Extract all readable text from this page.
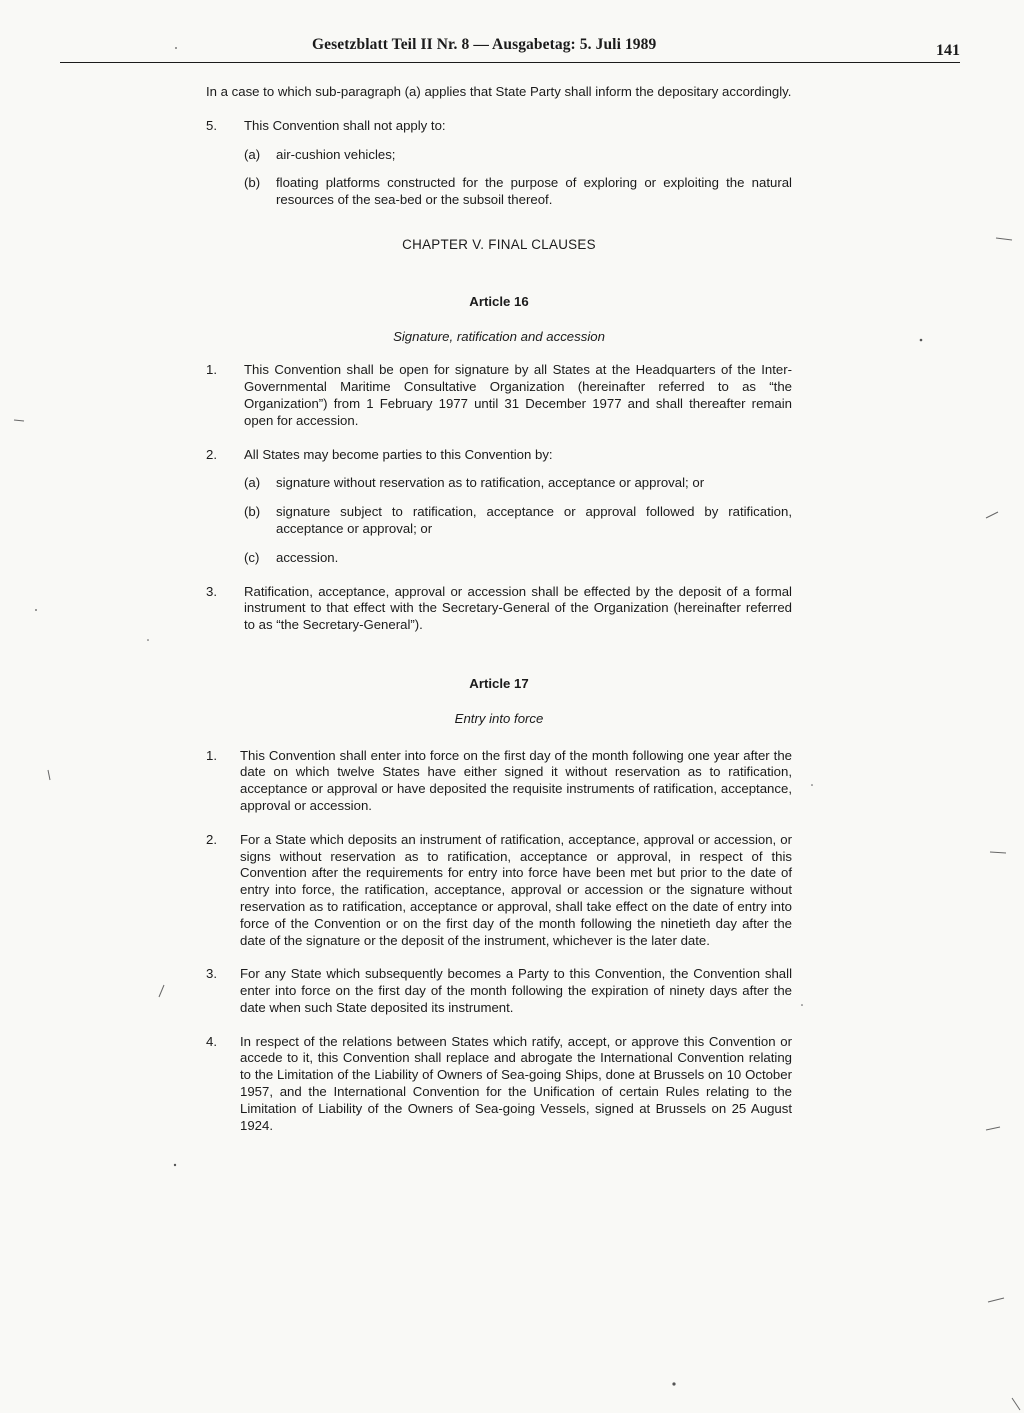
Gesetzblatt Teil II Nr. 8 — Ausgabetag: 5. Juli 1989	141

In a case to which sub-paragraph (a) applies that State Party shall inform the depositary accordingly.

5.	This Convention shall not apply to:
(a)	air-cushion vehicles;
(b)	floating platforms constructed for the purpose of exploring or exploiting the natural resources of the sea-bed or the subsoil thereof.
CHAPTER V. FINAL CLAUSES
Article 16
Signature, ratification and accession
1.	This Convention shall be open for signature by all States at the Headquarters of the Inter-Governmental Maritime Consultative Organization (hereinafter referred to as “the Organization”) from 1 February 1977 until 31 December 1977 and shall thereafter remain open for accession.
2.	All States may become parties to this Convention by:
(a)	signature without reservation as to ratification, acceptance or approval; or
(b)	signature subject to ratification, acceptance or approval followed by ratification, acceptance or approval; or
(c)	accession.
3.	Ratification, acceptance, approval or accession shall be effected by the deposit of a formal instrument to that effect with the Secretary-General of the Organization (hereinafter referred to as “the Secretary-General”).
Article 17
Entry into force
1.	This Convention shall enter into force on the first day of the month following one year after the date on which twelve States have either signed it without reservation as to ratification, acceptance or approval or have deposited the requisite instruments of ratification, acceptance, approval or accession.
2.	For a State which deposits an instrument of ratification, acceptance, approval or accession, or signs without reservation as to ratification, acceptance or approval, in respect of this Convention after the requirements for entry into force have been met but prior to the date of entry into force, the ratification, acceptance, approval or accession or the signature without reservation as to ratification, acceptance or approval, shall take effect on the date of entry into force of the Convention or on the first day of the month following the ninetieth day after the date of the signature or the deposit of the instrument, whichever is the later date.
3.	For any State which subsequently becomes a Party to this Convention, the Convention shall enter into force on the first day of the month following the expiration of ninety days after the date when such State deposited its instrument.
4.	In respect of the relations between States which ratify, accept, or approve this Convention or accede to it, this Convention shall replace and abrogate the International Convention relating to the Limitation of the Liability of Owners of Sea-going Ships, done at Brussels on 10 October 1957, and the International Convention for the Unification of certain Rules relating to the Limitation of Liability of the Owners of Sea-going Vessels, signed at Brussels on 25 August 1924.
